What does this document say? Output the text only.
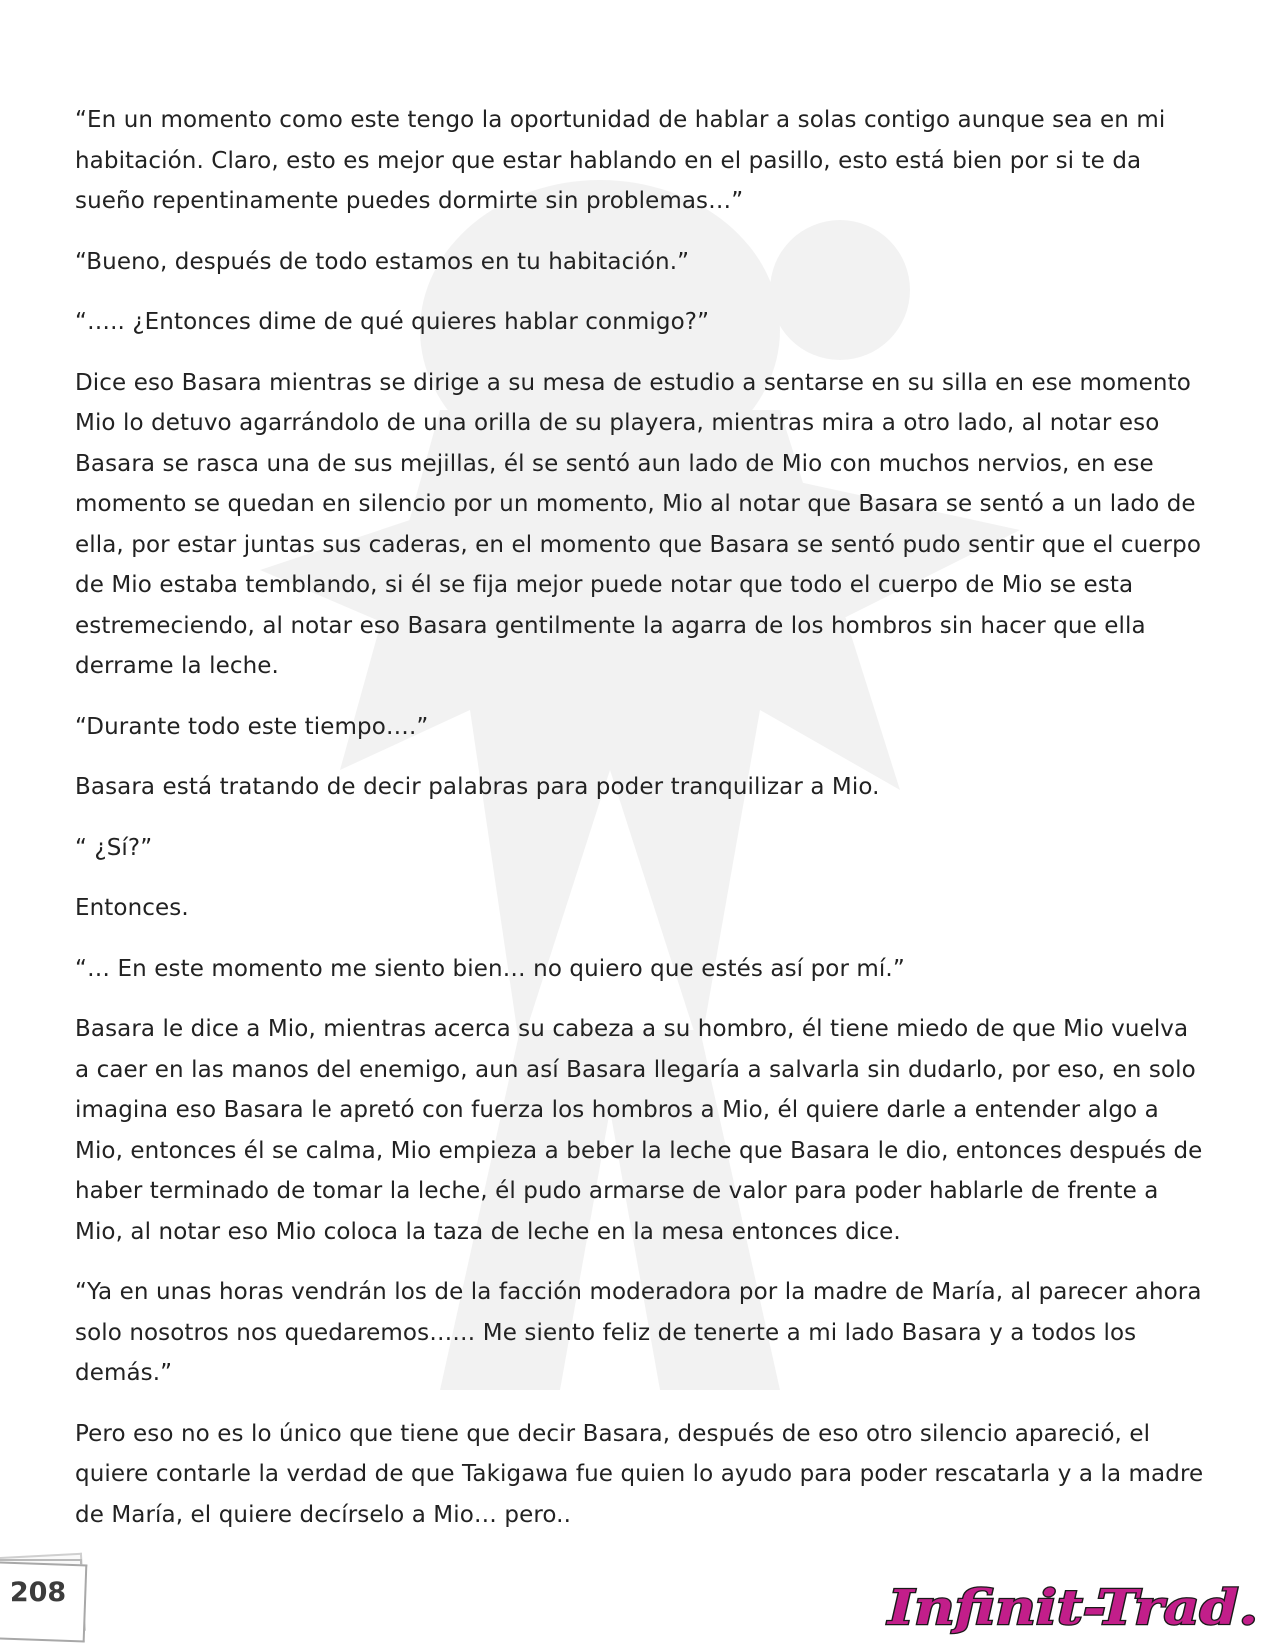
“En un momento como este tengo la oportunidad de hablar a solas contigo aunque sea en mi habitación. Claro, esto es mejor que estar hablando en el pasillo, esto está bien por si te da sueño repentinamente puedes dormirte sin problemas…”

“Bueno, después de todo estamos en tu habitación.”

“….. ¿Entonces dime de qué quieres hablar conmigo?”

Dice eso Basara mientras se dirige a su mesa de estudio a sentarse en su silla en ese momento Mio lo detuvo agarrándolo de una orilla de su playera, mientras mira a otro lado, al notar eso Basara se rasca una de sus mejillas, él se sentó aun lado de Mio con muchos nervios, en ese momento se quedan en silencio por un momento, Mio al notar que Basara se sentó a un lado de ella, por estar juntas sus caderas, en el momento que Basara se sentó pudo sentir que el cuerpo de Mio estaba temblando, si él se fija mejor puede notar que todo el cuerpo de Mio se esta estremeciendo, al notar eso Basara gentilmente la agarra de los hombros sin hacer que ella derrame la leche.

“Durante todo este tiempo….”

Basara está tratando de decir palabras para poder tranquilizar a Mio.

“ ¿Sí?”

Entonces.

“… En este momento me siento bien… no quiero que estés así por mí.”

Basara le dice a Mio, mientras acerca su cabeza a su hombro, él tiene miedo de que Mio vuelva a caer en las manos del enemigo, aun así Basara llegaría a salvarla sin dudarlo, por eso, en solo imagina eso Basara le apretó con fuerza los hombros a Mio, él quiere darle a entender algo a Mio, entonces él se calma, Mio empieza a beber la leche que Basara le dio, entonces después de haber terminado de tomar la leche, él pudo armarse de valor para poder hablarle de frente a Mio, al notar eso Mio coloca la taza de leche en la mesa entonces dice.

“Ya en unas horas vendrán los de la facción moderadora por la madre de María, al parecer ahora solo nosotros nos quedaremos…… Me siento feliz de tenerte a mi lado Basara y a todos los demás.”

Pero eso no es lo único que tiene que decir Basara, después de eso otro silencio apareció, el quiere contarle la verdad de que Takigawa fue quien lo ayudo para poder rescatarla y a la madre de María, el quiere decírselo a Mio… pero..

208	Infinit-Trad.
